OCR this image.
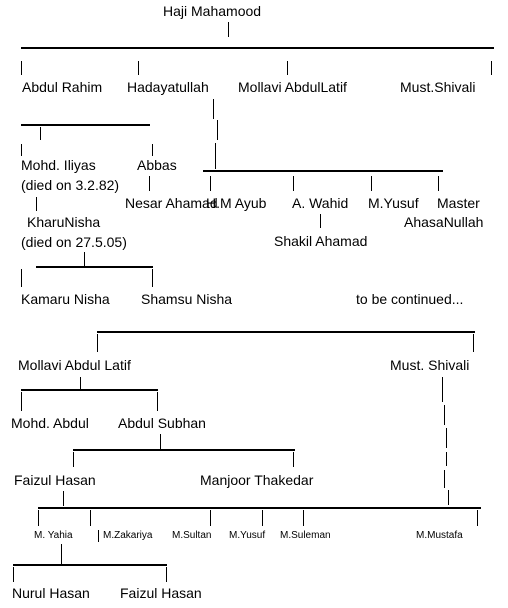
Haji Mahamood
Abdul Rahim Hadayatullah Mollavi AbdulLatif	Must.Shivali
Mohd. Iliyas	Abbas
(died on 3.2.82)
KharuNisha
(died on 27.5.05)
Nesar Ahamad
H.M Ayub A. Wahid M.Yusuf Master
AhasaNullah
Shakil Ahamad
Kamaru Nisha Shamsu Nisha	to be continued...
Mollavi Abdul Latif	Must. Shivali
Mohd. Abdul Abdul Subhan
Faizul Hasan	Manjoor Thakedar
M. Yahia	M.Zakariya M.Sultan M.Yusuf M.Suleman	M.Mustafa
Nurul Hasan Faizul Hasan
